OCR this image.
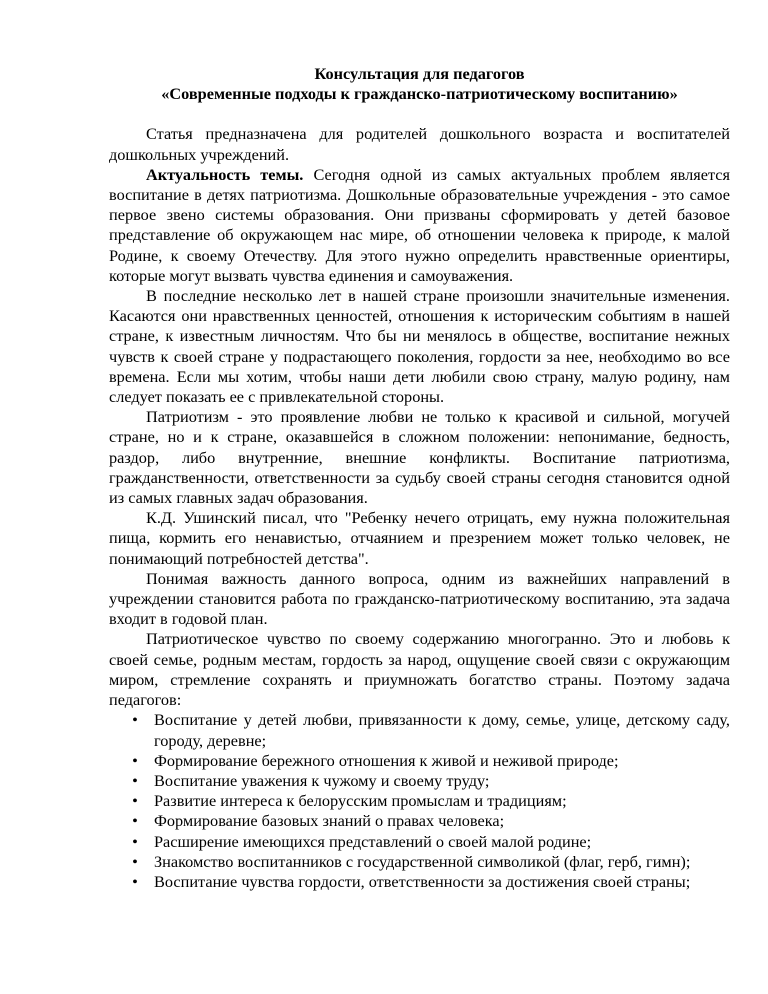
Консультация для педагогов

«Современные подходы к гражданско-патриотическому воспитанию»

Статья предназначена для родителей дошкольного возраста и воспитателей дошкольных учреждений.

Актуальность темы. Сегодня одной из самых актуальных проблем является воспитание в детях патриотизма. Дошкольные образовательные учреждения - это самое первое звено системы образования. Они призваны сформировать у детей базовое представление об окружающем нас мире, об отношении человека к природе, к малой Родине, к своему Отечеству. Для этого нужно определить нравственные ориентиры, которые могут вызвать чувства единения и самоуважения.

В последние несколько лет в нашей стране произошли значительные изменения. Касаются они нравственных ценностей, отношения к историческим событиям в нашей стране, к известным личностям. Что бы ни менялось в обществе, воспитание нежных чувств к своей стране у подрастающего поколения, гордости за нее, необходимо во все времена. Если мы хотим, чтобы наши дети любили свою страну, малую родину, нам следует показать ее с привлекательной стороны.

Патриотизм - это проявление любви не только к красивой и сильной, могучей стране, но и к стране, оказавшейся в сложном положении: непонимание, бедность, раздор, либо внутренние, внешние конфликты. Воспитание патриотизма, гражданственности, ответственности за судьбу своей страны сегодня становится одной из самых главных задач образования.

К.Д. Ушинский писал, что "Ребенку нечего отрицать, ему нужна положительная пища, кормить его ненавистью, отчаянием и презрением может только человек, не понимающий потребностей детства".

Понимая важность данного вопроса, одним из важнейших направлений в учреждении становится работа по гражданско-патриотическому воспитанию, эта задача входит в годовой план.

Патриотическое чувство по своему содержанию многогранно. Это и любовь к своей семье, родным местам, гордость за народ, ощущение своей связи с окружающим миром, стремление сохранять и приумножать богатство страны. Поэтому задача педагогов:

• Воспитание у детей любви, привязанности к дому, семье, улице, детскому саду, городу, деревне;
• Формирование бережного отношения к живой и неживой природе;
• Воспитание уважения к чужому и своему труду;
• Развитие интереса к белорусским промыслам и традициям;
• Формирование базовых знаний о правах человека;
• Расширение имеющихся представлений о своей малой родине;
• Знакомство воспитанников с государственной символикой (флаг, герб, гимн);
• Воспитание чувства гордости, ответственности за достижения своей страны;
